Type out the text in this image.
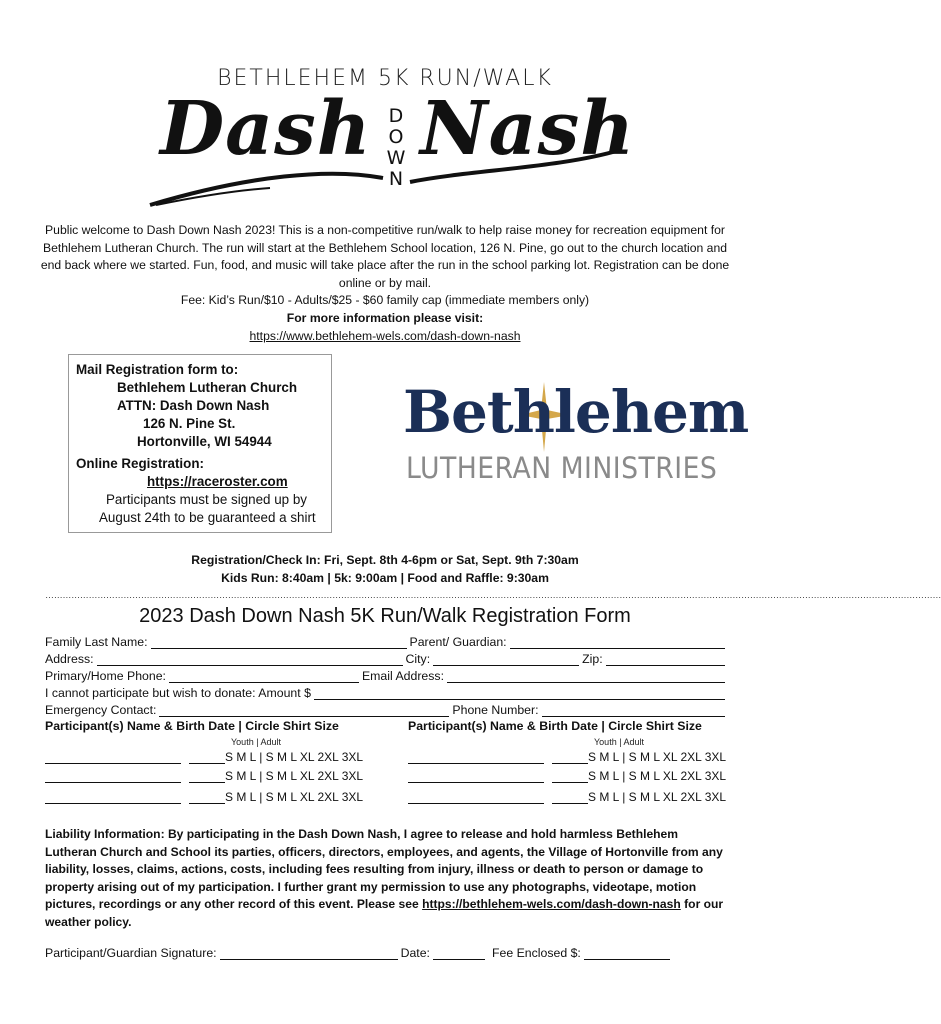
BETHLEHEM 5K RUN/WALK
Dash Nash
D
O
W
N

Public welcome to Dash Down Nash 2023! This is a non-competitive run/walk to help raise money for recreation equipment for Bethlehem Lutheran Church. The run will start at the Bethlehem School location, 126 N. Pine, go out to the church location and end back where we started. Fun, food, and music will take place after the run in the school parking lot. Registration can be done online or by mail.

Fee: Kid’s Run/$10 - Adults/$25 - $60 family cap (immediate members only)

For more information please visit:

https://www.bethlehem-wels.com/dash-down-nash

Mail Registration form to:
Bethlehem Lutheran Church
ATTN: Dash Down Nash
126 N. Pine St.
Hortonville, WI 54944
Online Registration:
https://raceroster.com
Participants must be signed up by
August 24th to be guaranteed a shirt
Bethlehem
LUTHERAN MINISTRIES
Registration/Check In: Fri, Sept. 8th 4-6pm or Sat, Sept. 9th 7:30am
Kids Run: 8:40am | 5k: 9:00am | Food and Raffle: 9:30am
…………………………………………………………………………………………………………………………………………………………………………………………………………………………………………………………………………………
2023 Dash Down Nash 5K Run/Walk Registration Form
Family Last Name:	Parent/ Guardian:
Address:	City:	Zip:
Primary/Home Phone:	Email Address:
I cannot participate but wish to donate: Amount $
Emergency Contact:	Phone Number:
Participant(s) Name & Birth Date | Circle Shirt Size
Youth | Adult
S M L | S M L XL 2XL 3XL
S M L | S M L XL 2XL 3XL
S M L | S M L XL 2XL 3XL
Participant(s) Name & Birth Date | Circle Shirt Size
Youth | Adult
S M L | S M L XL 2XL 3XL
S M L | S M L XL 2XL 3XL
S M L | S M L XL 2XL 3XL
Liability Information: By participating in the Dash Down Nash, I agree to release and hold harmless Bethlehem Lutheran Church and School its parties, officers, directors, employees, and agents, the Village of Hortonville from any liability, losses, claims, actions, costs, including fees resulting from injury, illness or death to person or damage to property arising out of my participation. I further grant my permission to use any photographs, videotape, motion pictures, recordings or any other record of this event. Please see https://bethlehem-wels.com/dash-down-nash for our weather policy.
Participant/Guardian Signature:	Date:	Fee Enclosed $:
